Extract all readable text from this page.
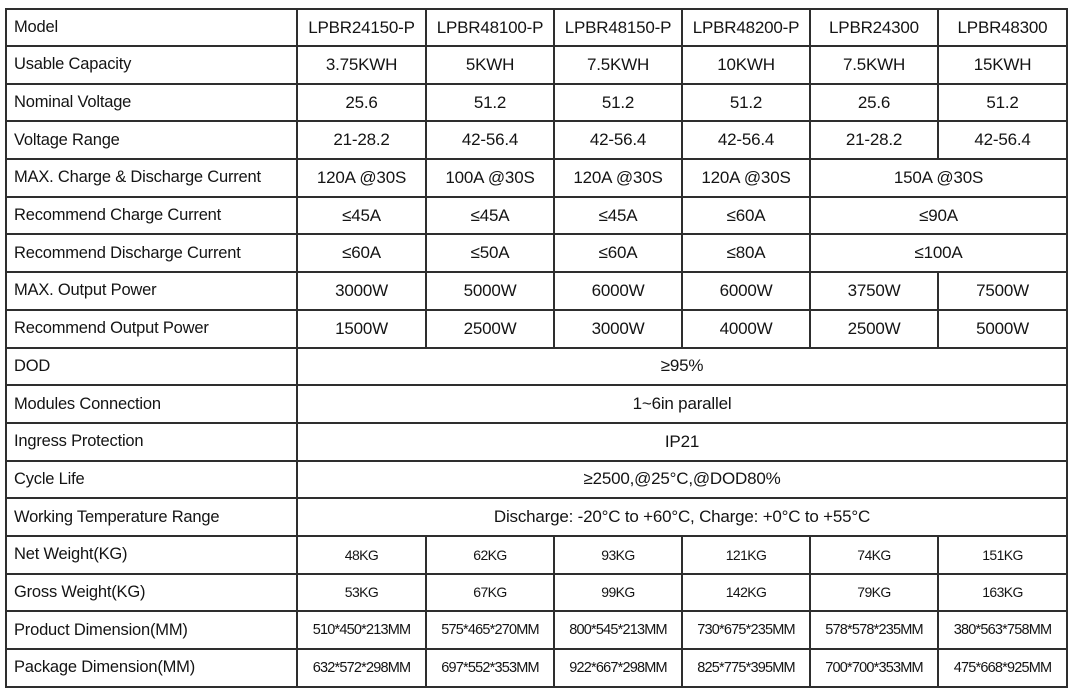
Model	LPBR24150-P	LPBR48100-P	LPBR48150-P	LPBR48200-P	LPBR24300	LPBR48300
Usable Capacity	3.75KWH	5KWH	7.5KWH	10KWH	7.5KWH	15KWH
Nominal Voltage	25.6	51.2	51.2	51.2	25.6	51.2
Voltage Range	21-28.2	42-56.4	42-56.4	42-56.4	21-28.2	42-56.4
MAX. Charge & Discharge Current	120A @30S	100A @30S	120A @30S	120A @30S	150A @30S	
Recommend Charge Current	≤45A	≤45A	≤45A	≤60A	≤90A	
Recommend Discharge Current	≤60A	≤50A	≤60A	≤80A	≤100A	
MAX. Output Power	3000W	5000W	6000W	6000W	3750W	7500W
Recommend Output Power	1500W	2500W	3000W	4000W	2500W	5000W
DOD	≥95%					
Modules Connection	1~6in parallel					
Ingress Protection	IP21					
Cycle Life	≥2500,@25°C,@DOD80%					
Working Temperature Range	Discharge: -20°C to +60°C, Charge: +0°C to +55°C					
Net Weight(KG)	48KG	62KG	93KG	121KG	74KG	151KG
Gross Weight(KG)	53KG	67KG	99KG	142KG	79KG	163KG
Product Dimension(MM)	510*450*213MM	575*465*270MM	800*545*213MM	730*675*235MM	578*578*235MM	380*563*758MM
Package Dimension(MM)	632*572*298MM	697*552*353MM	922*667*298MM	825*775*395MM	700*700*353MM	475*668*925MM
